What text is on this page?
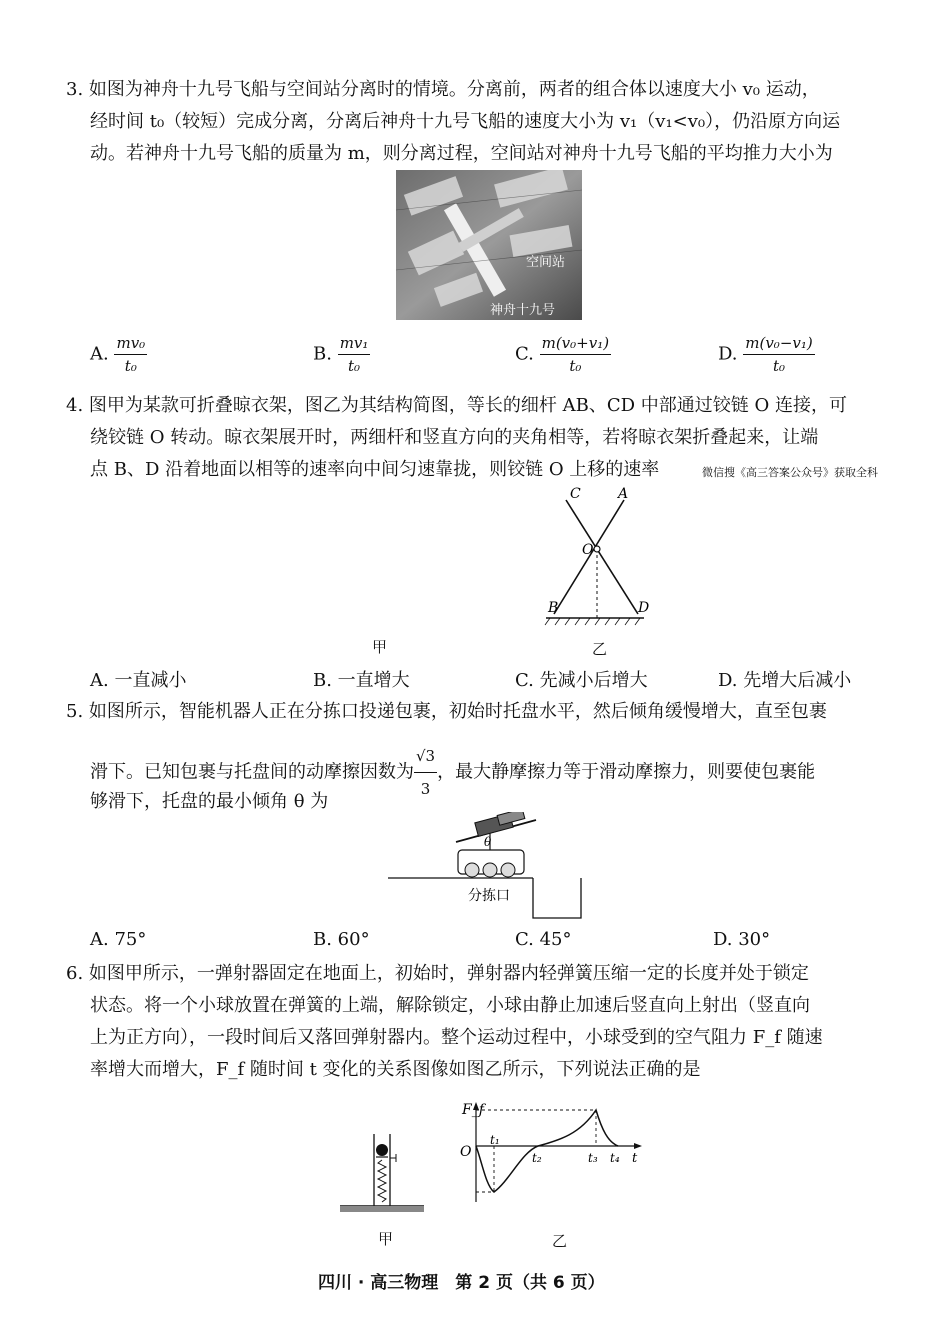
3. 如图为神舟十九号飞船与空间站分离时的情境。分离前，两者的组合体以速度大小 v₀ 运动，
经时间 t₀（较短）完成分离，分离后神舟十九号飞船的速度大小为 v₁（v₁<v₀），仍沿原方向运
动。若神舟十九号飞船的质量为 m，则分离过程，空间站对神舟十九号飞船的平均推力大小为
空间站
神舟十九号
A. $\frac{\text{mv₀}}{\text{t₀}}$	B. $\frac{\text{mv₁}}{\text{t₀}}$	C. $\frac{\text{m(v₀+v₁)}}{\text{t₀}}$	D. $\frac{\text{m(v₀−v₁)}}{\text{t₀}}$
4. 图甲为某款可折叠晾衣架，图乙为其结构简图，等长的细杆 AB、CD 中部通过铰链 O 连接，可
绕铰链 O 转动。晾衣架展开时，两细杆和竖直方向的夹角相等，若将晾衣架折叠起来，让端
点 B、D 沿着地面以相等的速率向中间匀速靠拢，则铰链 O 上移的速率	微信搜《高三答案公众号》获取全科
C	A
O
B	D
甲	乙
A. 一直减小	B. 一直增大	C. 先减小后增大	D. 先增大后减小
5. 如图所示，智能机器人正在分拣口投递包裹，初始时托盘水平，然后倾角缓慢增大，直至包裹
滑下。已知包裹与托盘间的动摩擦因数为 $\frac{√3}{3}$ ，最大静摩擦力等于滑动摩擦力，则要使包裹能
够滑下，托盘的最小倾角 θ 为
θ
分拣口
A. 75°	B. 60°	C. 45°	D. 30°
6. 如图甲所示，一弹射器固定在地面上，初始时，弹射器内轻弹簧压缩一定的长度并处于锁定
状态。将一个小球放置在弹簧的上端，解除锁定，小球由静止加速后竖直向上射出（竖直向
上为正方向），一段时间后又落回弹射器内。整个运动过程中，小球受到的空气阻力 F_f 随速
率增大而增大，F_f 随时间 t 变化的关系图像如图乙所示，下列说法正确的是
甲
F_f
O
t₁
t₂	t₃ t₄ t
乙
四川 · 高三物理　第 2 页（共 6 页）
